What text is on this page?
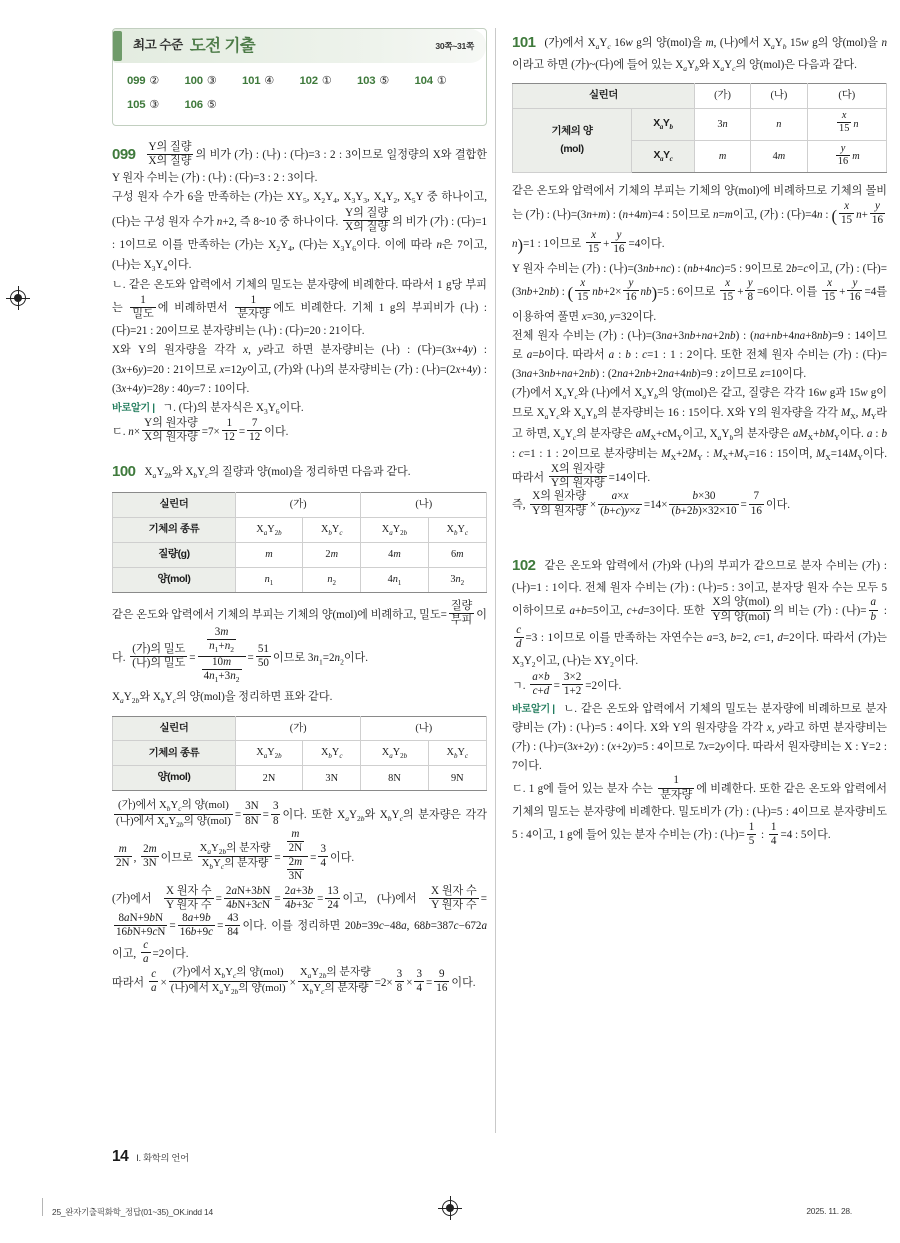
최고 수준 도전 기출	30쪽~31쪽
099 ②	100 ③	101 ④	102 ①	103 ⑤	104 ①
105 ③	106 ⑤

$099 \frac{\text{Y의 질량}}{\text{X의 질량}}$ 의 비가 (가) : (나) : (다)=3 : 2 : 3이므로 일정량의 X와 결합한 Y 원자 수비는 (가) : (나) : (다)=3 : 2 : 3이다.
구성 원자 수가 6을 만족하는 (가)는 $XY_5$, $X_2Y_4$, $X_3Y_3$, $X_4Y_2$, $X_5Y$ 중 하나이고, (다)는 구성 원자 수가 n+2, 즉 8~10 중 하나이다. $\frac{\text{Y의 질량}}{\text{X의 질량}}$ 의 비가 (가) : (다)=1 : 1이므로 이를 만족하는 (가)는 $X_2Y_4$, (다)는 $X_3Y_6$이다. 이에 따라 n은 7이고, (나)는 $X_3Y_4$이다.
ㄴ. 같은 온도와 압력에서 기체의 밀도는 분자량에 비례한다. 따라서 1 g당 부피는 $\frac{1}{\text{밀도}}$ 에 비례하면서 $\frac{1}{\text{분자량}}$ 에도 비례한다. 기체 1 g의 부피비가 (나) : (다)=21 : 20이므로 분자량비는 (나) : (다)=20 : 21이다.
X와 Y의 원자량을 각각 x, y라고 하면 분자량비는 (나) : (다)=(3x+4y) : (3x+6y)=20 : 21이므로 x=12y이고, (가)와 (나)의 분자량비는 (가) : (나)=(2x+4y) : (3x+4y)=28y : 40y=7 : 10이다.

바로알기 | ㄱ. (다)의 분자식은 $X_3Y_6$이다.

ㄷ. $n\times \frac{\text{Y의 원자량}}{\text{X의 원자량}} =7\times \frac{1}{12} = \frac{7}{12}$ 이다.

100 $X_aY_{2b}$와 $X_bY_c$의 질량과 양(mol)을 정리하면 다음과 같다.

실린더	(가)		(나)	
기체의 종류	$X_aY_{2b}$	$X_bY_c$	$X_aY_{2b}$	$X_bY_c$
질량(g)	m	2m	4m	6m
양(mol)	$n_1$	$n_2$	$4n_1$	$3n_2$

같은 온도와 압력에서 기체의 부피는 기체의 양(mol)에 비례하고, 밀도= $\frac{\text{질량}}{\text{부피}}$ 이다. $\frac{\text{(가)의 밀도}}{\text{(나)의 밀도}} = \frac{\frac{3m}{n_1+n_2}}{\frac{10m}{4n_1+3n_2}} = \frac{51}{50}$ 이므로 $3n_1=2n_2$이다.
$X_aY_{2b}$와 $X_bY_c$의 양(mol)을 정리하면 표와 같다.

실린더	(가)		(나)	
기체의 종류	$X_aY_{2b}$	$X_bY_c$	$X_aY_{2b}$	$X_bY_c$
양(mol)	2N	3N	8N	9N

$\frac{(가)에서 X_bY_c의 양(mol)}{(나)에서 X_aY_{2b}의 양(mol)} = \frac{3N}{8N} = \frac{3}{8}$ 이다. 또한 $X_aY_{2b}$와 $X_bY_c$의 분자량은 각각
$\frac{m}{2N}$ , $\frac{2m}{3N}$ 이므로 $\frac{X_aY_{2b}의 분자량}{X_bY_c의 분자량} = \frac{\frac{m}{2N}}{\frac{2m}{3N}} = \frac{3}{4}$ 이다.
(가)에서 $\frac{\text{X 원자 수}}{\text{Y 원자 수}} = \frac{2aN+3bN}{4bN+3cN} = \frac{2a+3b}{4b+3c} = \frac{13}{24}$ 이고, (나)에서 $\frac{\text{X 원자 수}}{\text{Y 원자 수}}$ =
$\frac{8aN+9bN}{16bN+9cN} = \frac{8a+9b}{16b+9c} = \frac{43}{84}$ 이다. 이를 정리하면 20b=39c−48a, 68b=387c−672a이고, $\frac{c}{a} =2$이다.
따라서 $\frac{c}{a} \times \frac{(가)에서 X_bY_c의 양(mol)}{(나)에서 X_aY_{2b}의 양(mol)} \times \frac{X_aY_{2b}의 분자량}{X_bY_c의 분자량} =2\times \frac{3}{8} \times \frac{3}{4} = \frac{9}{16}$ 이다.

101 (가)에서 $X_aY_c$ 16w g의 양(mol)을 m, (나)에서 $X_aY_b$ 15w g의 양(mol)을 n이라고 하면 (가)~(다)에 들어 있는 $X_aY_b$와 $X_aY_c$의 양(mol)은 다음과 같다.

실린더		(가)	(나)	(다)
기체의 양
(mol)	$X_aY_b$	3n	n	$\frac{x}{15}$ n
	$X_aY_c$	m	4m	$\frac{y}{16}$ m

같은 온도와 압력에서 기체의 부피는 기체의 양(mol)에 비례하므로 기체의 몰비는 (가) : (나)=(3n+m) : (n+4m)=4 : 5이므로 n=m이고, (가) : (다)=4n : ( $\frac{x}{15} n+ \frac{y}{16}$
n)=1 : 1이므로 $\frac{x}{15} + \frac{y}{16} =4$이다.
Y 원자 수비는 (가) : (나)=(3nb+nc) : (nb+4nc)=5 : 9이므로 2b=c이고, (가) : (다)=(3nb+2nb) : ( $\frac{x}{15} nb+2\times \frac{y}{16} nb)=5$ : 6이므로 $\frac{x}{15} + \frac{y}{8} =6$이다. 이를 $\frac{x}{15} + \frac{y}{16} =4$를 이용하여 풀면 x=30, y=32이다.
전체 원자 수비는 (가) : (나)=(3na+3nb+na+2nb) : (na+nb+4na+8nb)=9 : 14이므로 a=b이다. 따라서 a : b : c=1 : 1 : 2이다. 또한 전체 원자 수비는 (가) : (다)=(3na+3nb+na+2nb) : (2na+2nb+2na+4nb)=9 : z이므로 z=10이다.
(가)에서 $X_aY_c$와 (나)에서 $X_aY_b$의 양(mol)은 같고, 질량은 각각 16w g과 15w g이므로 $X_aY_c$와 $X_aY_b$의 분자량비는 16 : 15이다. X와 Y의 원자량을 각각 $M_X$, $M_Y$라고 하면, $X_aY_c$의 분자량은 $aM_X+cM_Y$이고, $X_aY_b$의 분자량은 $aM_X+bM_Y$이다. a : b : c=1 : 1 : 2이므로 분자량비는 $M_X+2M_Y$ : $M_X+M_Y=16$ : 15이며, $M_X=14M_Y$이다. 따라서 $\frac{\text{X의 원자량}}{\text{Y의 원자량}} =14$이다.
즉, $\frac{\text{X의 원자량}}{\text{Y의 원자량}} \times \frac{a\times x}{(b+c)y\times z} =14\times \frac{b\times 30}{(b+2b)\times 32\times 10} = \frac{7}{16}$ 이다.

102 같은 온도와 압력에서 (가)와 (나)의 부피가 같으므로 분자 수비는 (가) : (나)=1 : 1이다. 전체 원자 수비는 (가) : (나)=5 : 3이고, 분자당 원자 수는 모두 5 이하이므로 a+b=5이고, c+d=3이다. 또한 $\frac{\text{X의 양(mol)}}{\text{Y의 양(mol)}}$ 의 비는 (가) : (나)= $\frac{a}{b}$ :
$\frac{c}{d} =3$ : 1이므로 이를 만족하는 자연수는 a=3, b=2, c=1, d=2이다. 따라서 (가)는 $X_3Y_2$이고, (나)는 $XY_2$이다.
ㄱ. $\frac{a\times b}{c+d} = \frac{3\times 2}{1+2} =2$이다.

바로알기 | ㄴ. 같은 온도와 압력에서 기체의 밀도는 분자량에 비례하므로 분자량비는 (가) : (나)=5 : 4이다. X와 Y의 원자량을 각각 x, y라고 하면 분자량비는 (가) : (나)=(3x+2y) : (x+2y)=5 : 4이므로 7x=2y이다. 따라서 원자량비는 X : Y=2 : 7이다.

ㄷ. 1 g에 들어 있는 분자 수는 $\frac{1}{\text{분자량}}$ 에 비례한다. 또한 같은 온도와 압력에서 기체의 밀도는 분자량에 비례한다. 밀도비가 (가) : (나)=5 : 4이므로 분자량비도 5 : 4이고, 1 g에 들어 있는 분자 수비는 (가) : (나)= $\frac{1}{5}$ : $\frac{1}{4} =4$ : 5이다.

14 I. 화학의 언어
25_완자기출픽화학_정답(01~35)_OK.indd 14	2025. 11. 28.
